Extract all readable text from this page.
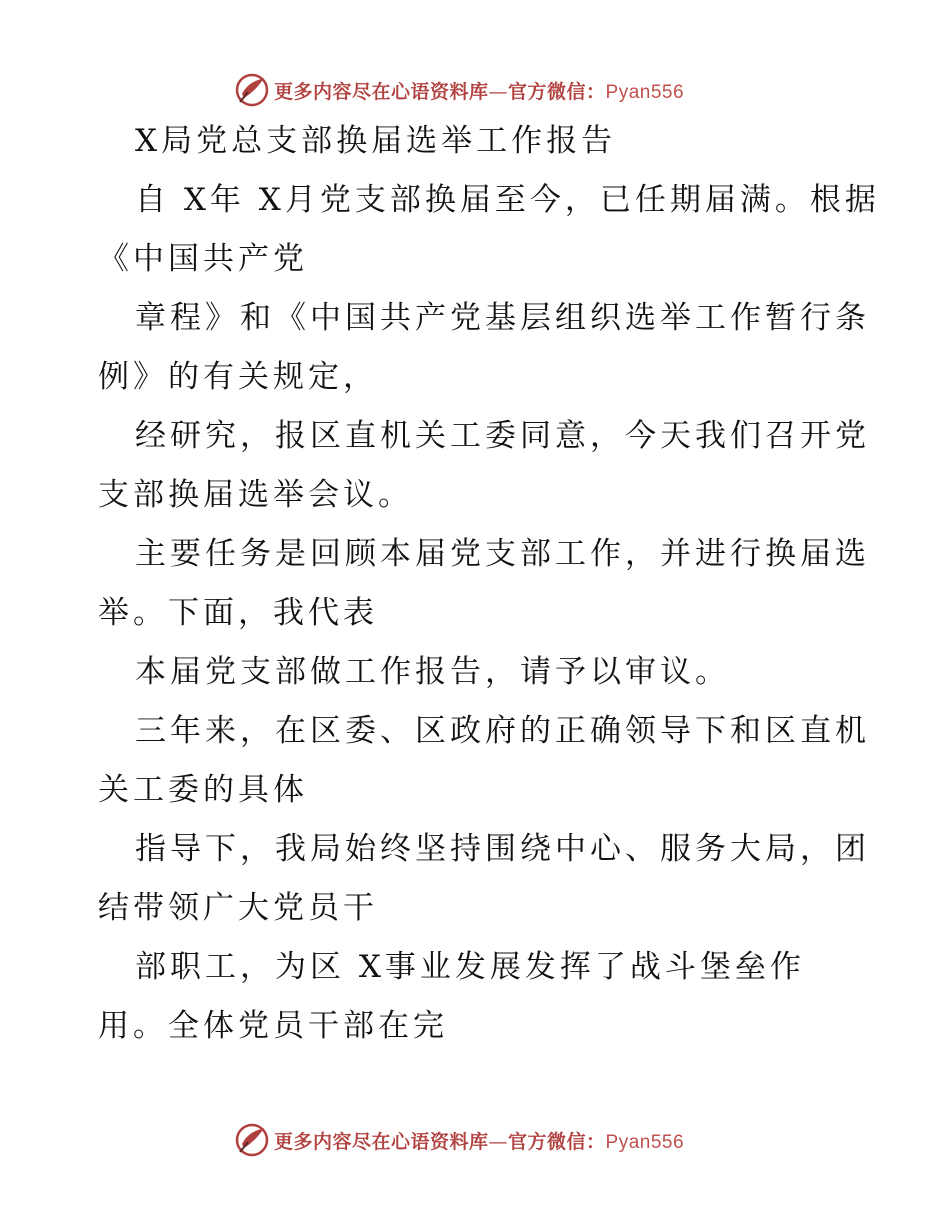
更多内容尽在心语资料库—官方微信：Pyan556

X局党总支部换届选举工作报告

自 X年 X月党支部换届至今，已任期届满。根据

《中国共产党

章程》和《中国共产党基层组织选举工作暂行条

例》的有关规定，

经研究，报区直机关工委同意，今天我们召开党

支部换届选举会议。

主要任务是回顾本届党支部工作，并进行换届选

举。下面，我代表

本届党支部做工作报告，请予以审议。

三年来，在区委、区政府的正确领导下和区直机

关工委的具体

指导下，我局始终坚持围绕中心、服务大局，团

结带领广大党员干

部职工，为区 X事业发展发挥了战斗堡垒作

用。全体党员干部在完

更多内容尽在心语资料库—官方微信：Pyan556
